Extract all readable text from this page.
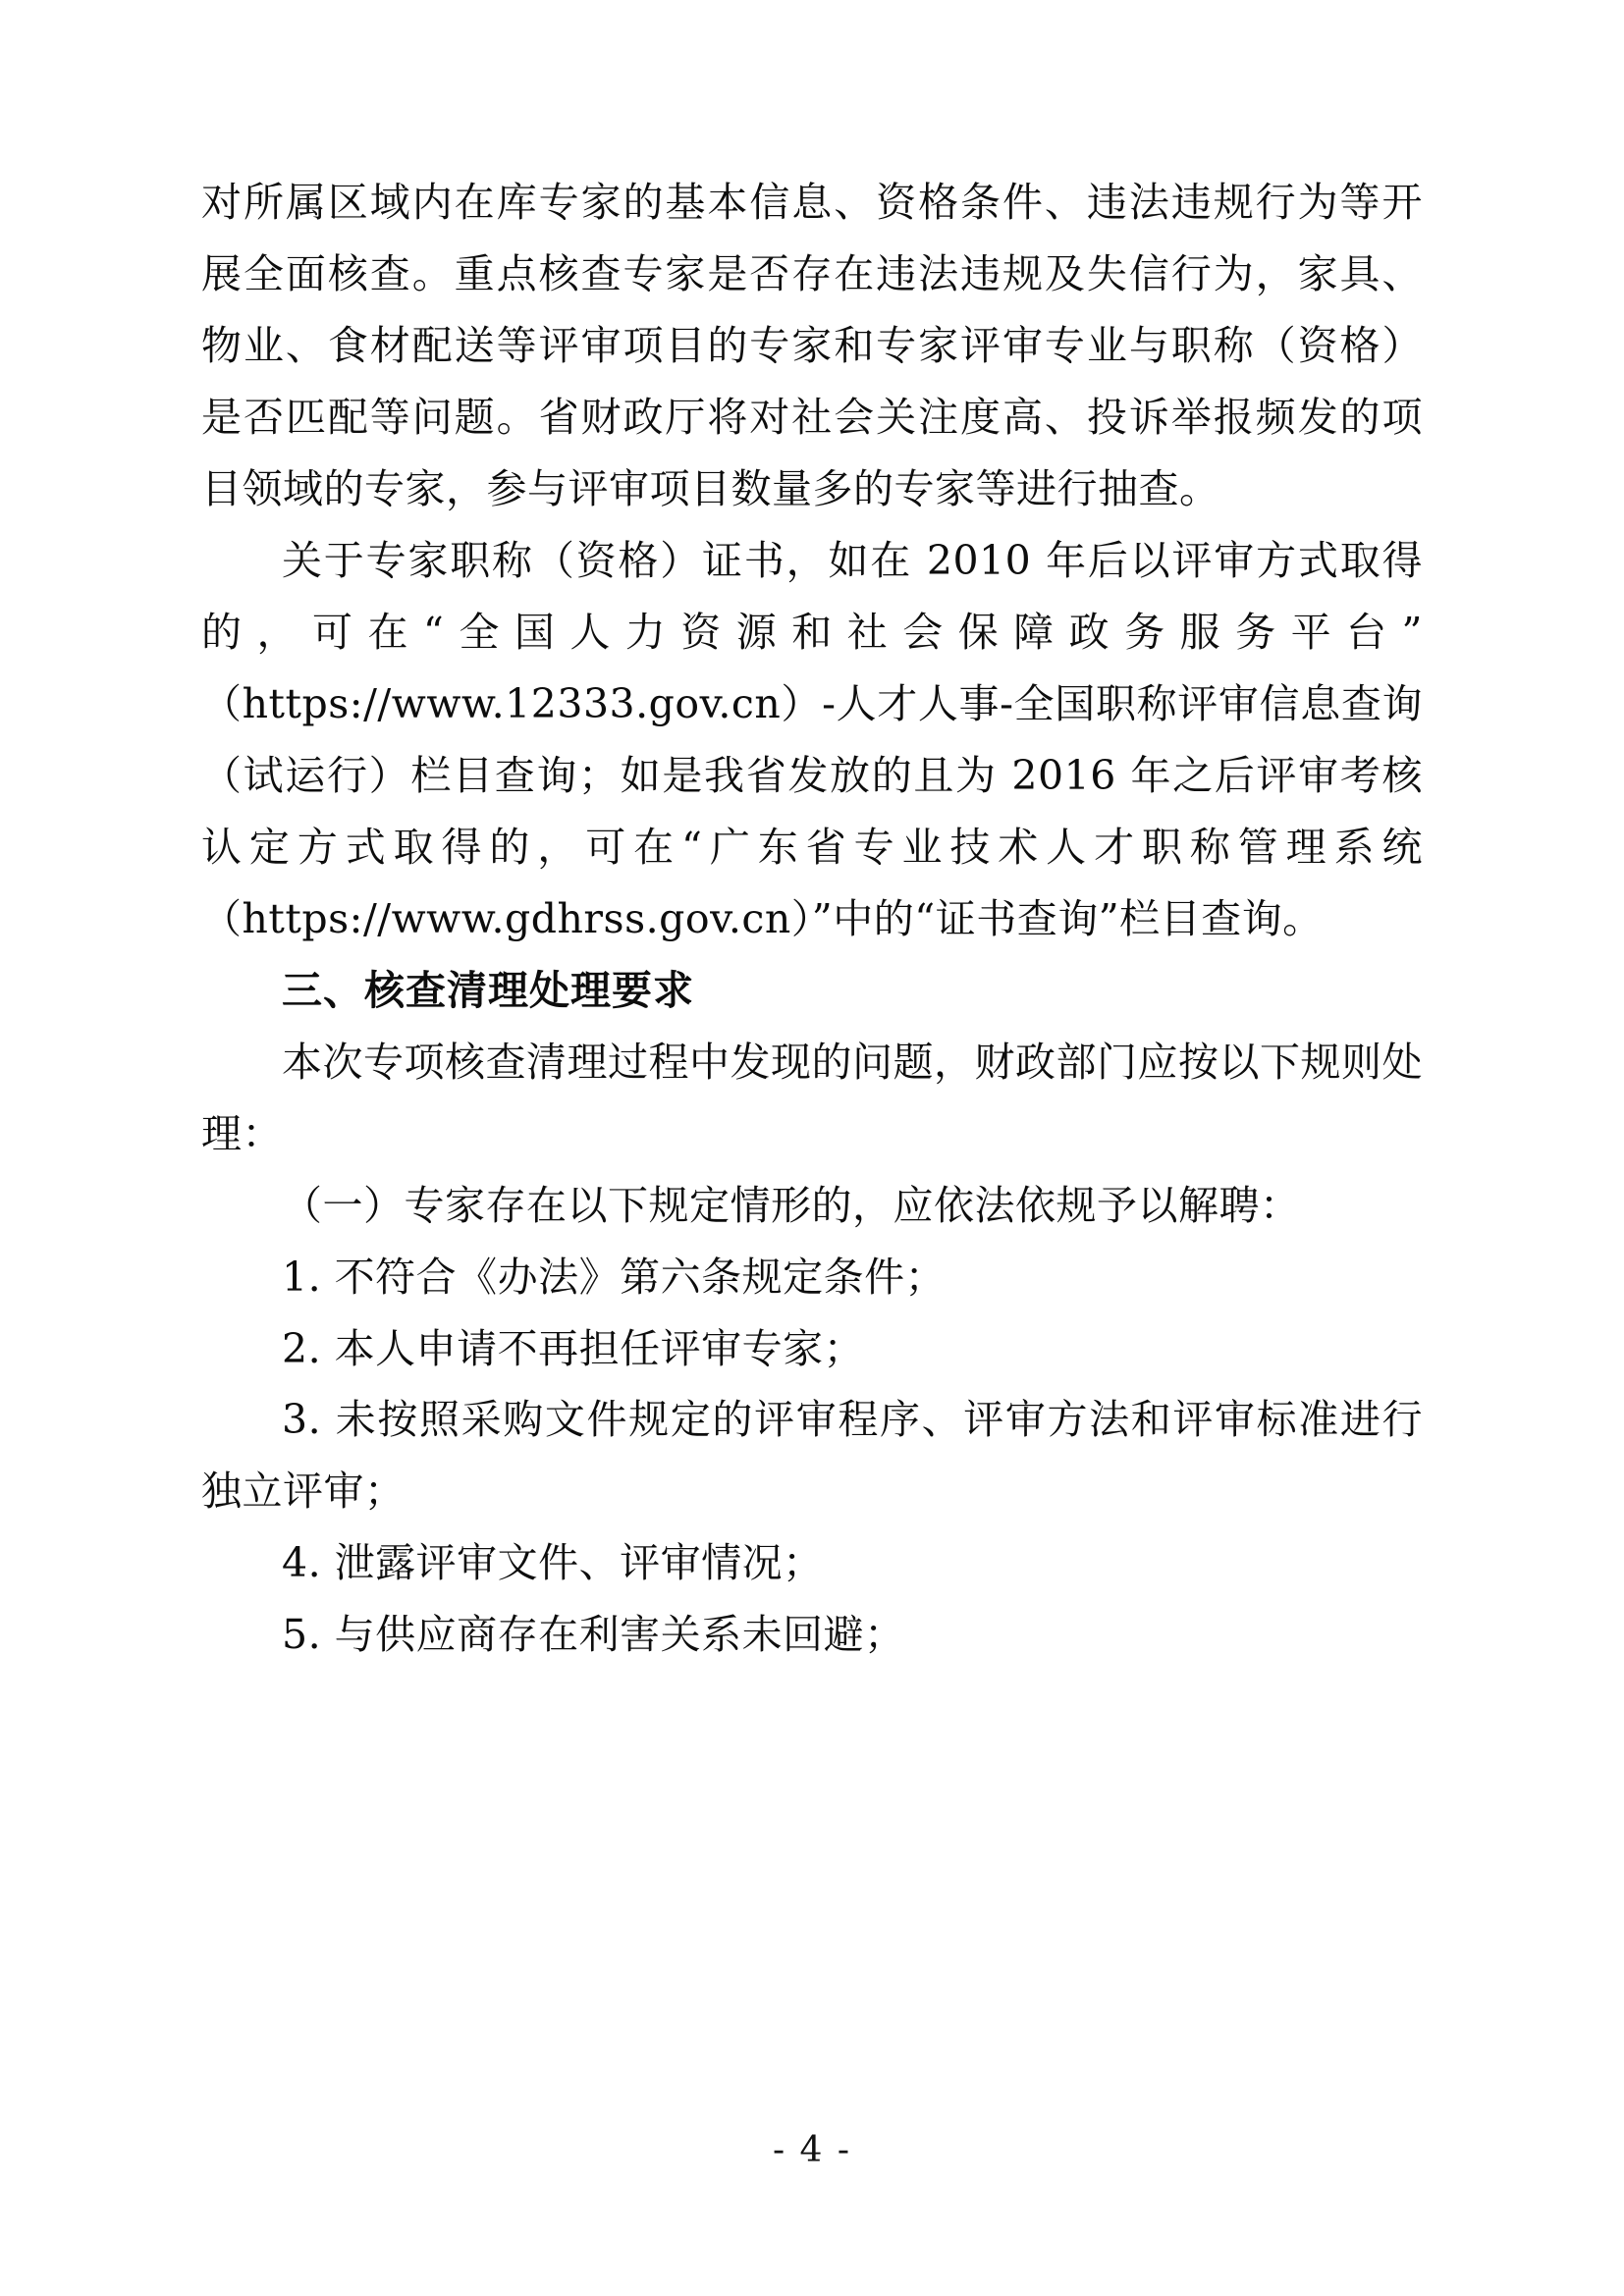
对所属区域内在库专家的基本信息、资格条件、违法违规行为等开展全面核查。重点核查专家是否存在违法违规及失信行为，家具、物业、食材配送等评审项目的专家和专家评审专业与职称（资格）是否匹配等问题。省财政厅将对社会关注度高、投诉举报频发的项目领域的专家，参与评审项目数量多的专家等进行抽查。

关于专家职称（资格）证书，如在 2010 年后以评审方式取得的，可在“全国人力资源和社会保障政务服务平台”（https://www.12333.gov.cn）-人才人事-全国职称评审信息查询（试运行）栏目查询；如是我省发放的且为 2016 年之后评审考核认定方式取得的，可在“广东省专业技术人才职称管理系统（https://www.gdhrss.gov.cn）”中的“证书查询”栏目查询。

三、核查清理处理要求

本次专项核查清理过程中发现的问题，财政部门应按以下规则处理：

（一）专家存在以下规定情形的，应依法依规予以解聘：

1. 不符合《办法》第六条规定条件；

2. 本人申请不再担任评审专家；

3. 未按照采购文件规定的评审程序、评审方法和评审标准进行独立评审；

4. 泄露评审文件、评审情况；

5. 与供应商存在利害关系未回避；

- 4 -
